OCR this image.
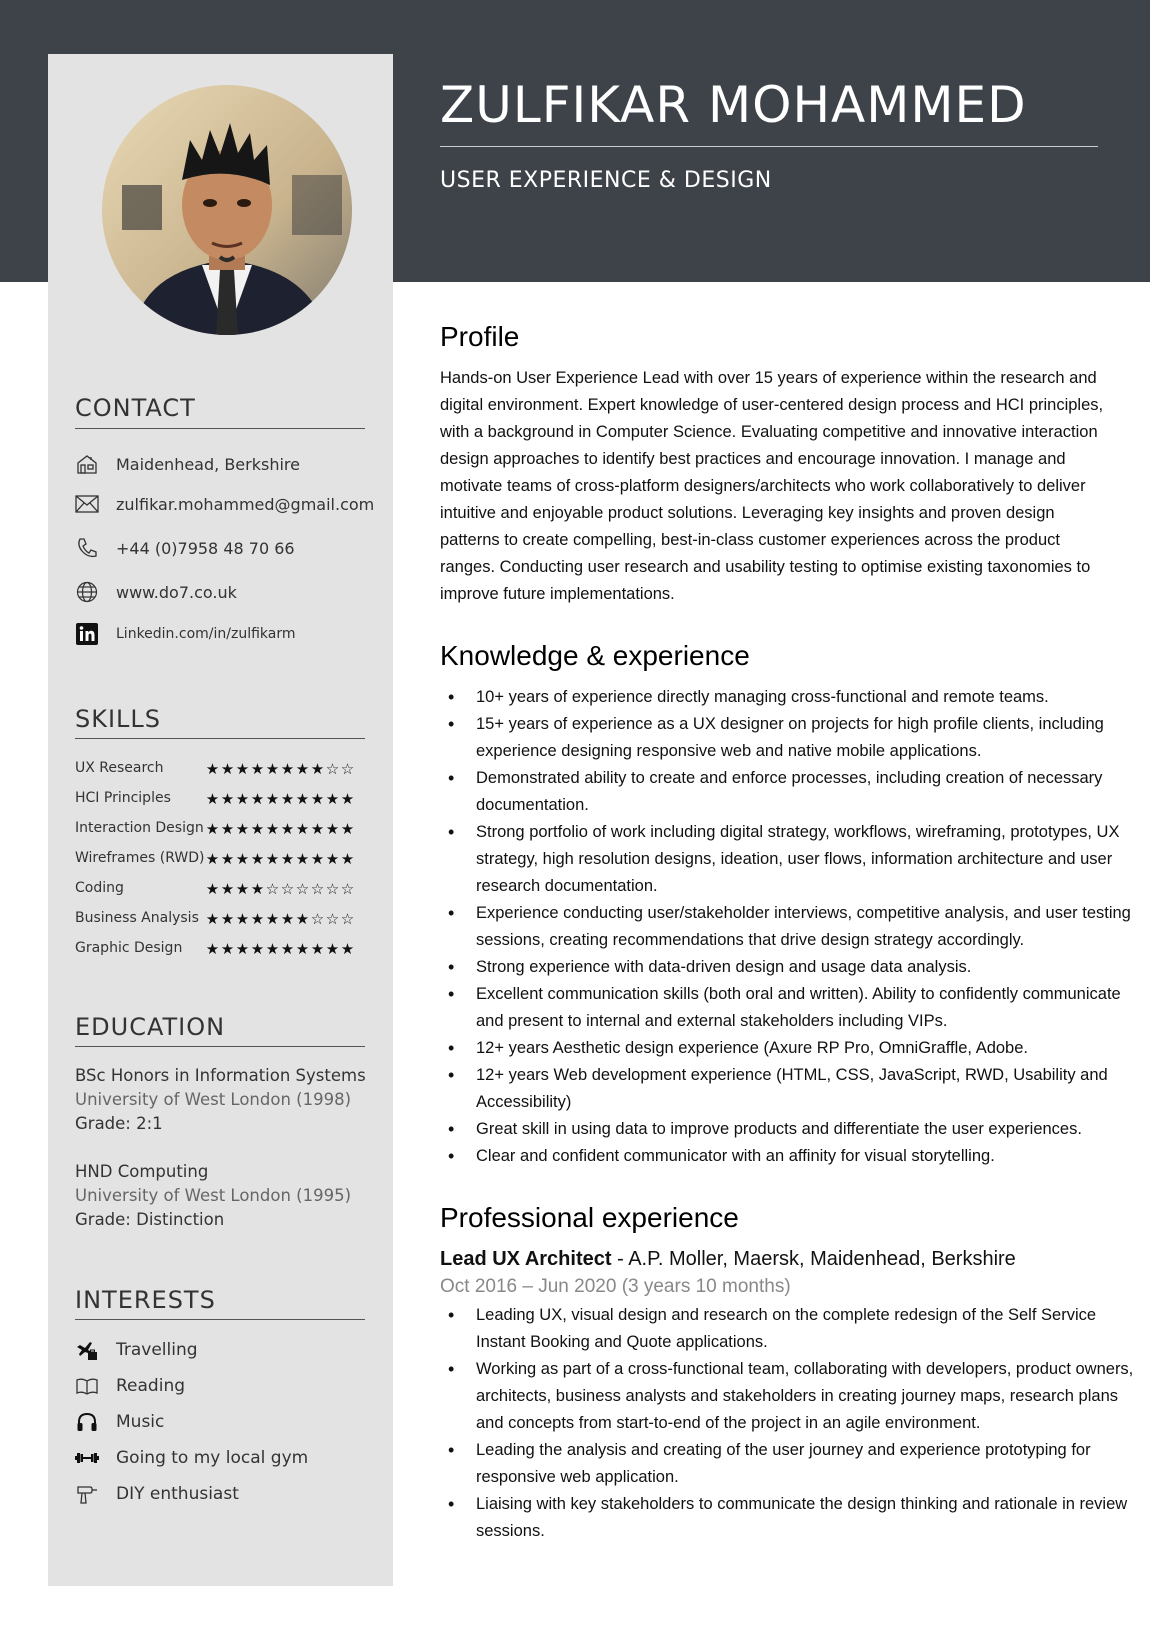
ZULFIKAR MOHAMMED
USER EXPERIENCE & DESIGN
CONTACT
Maidenhead, Berkshire
zulfikar.mohammed@gmail.com
+44 (0)7958 48 70 66
www.do7.co.uk
Linkedin.com/in/zulfikarm
SKILLS
UX Research	★ ★ ★ ★ ★ ★ ★ ★ ☆ ☆
HCI Principles ★ ★ ★ ★ ★ ★ ★ ★ ★ ★
Interaction Design ★ ★ ★ ★ ★ ★ ★ ★ ★ ★
Wireframes (RWD) ★ ★ ★ ★ ★ ★ ★ ★ ★ ★
Coding	★ ★ ★ ★ ☆ ☆ ☆ ☆ ☆ ☆
Business Analysis ★ ★ ★ ★ ★ ★ ★ ☆ ☆ ☆
Graphic Design ★ ★ ★ ★ ★ ★ ★ ★ ★ ★
EDUCATION
BSc Honors in Information Systems
University of West London (1998)
Grade: 2:1
HND Computing
University of West London (1995)
Grade: Distinction
INTERESTS
Travelling
Reading
Music
Going to my local gym
DIY enthusiast
Profile

Hands-on User Experience Lead with over 15 years of experience within the research and digital environment. Expert knowledge of user-centered design process and HCI principles, with a background in Computer Science. Evaluating competitive and innovative interaction design approaches to identify best practices and encourage innovation. I manage and motivate teams of cross-platform designers/architects who work collaboratively to deliver intuitive and enjoyable product solutions. Leveraging key insights and proven design patterns to create compelling, best-in-class customer experiences across the product ranges. Conducting user research and usability testing to optimise existing taxonomies to improve future implementations.

Knowledge & experience
• 10+ years of experience directly managing cross-functional and remote teams.
• 15+ years of experience as a UX designer on projects for high profile clients, including experience designing responsive web and native mobile applications.
• Demonstrated ability to create and enforce processes, including creation of necessary documentation.
• Strong portfolio of work including digital strategy, workflows, wireframing, prototypes, UX strategy, high resolution designs, ideation, user flows, information architecture and user research documentation.
• Experience conducting user/stakeholder interviews, competitive analysis, and user testing sessions, creating recommendations that drive design strategy accordingly.
• Strong experience with data-driven design and usage data analysis.
• Excellent communication skills (both oral and written). Ability to confidently communicate and present to internal and external stakeholders including VIPs.
• 12+ years Aesthetic design experience (Axure RP Pro, OmniGraffle, Adobe.
• 12+ years Web development experience (HTML, CSS, JavaScript, RWD, Usability and Accessibility)
• Great skill in using data to improve products and differentiate the user experiences.
• Clear and confident communicator with an affinity for visual storytelling.
Professional experience
Lead UX Architect - A.P. Moller, Maersk, Maidenhead, Berkshire
Oct 2016 – Jun 2020 (3 years 10 months)
• Leading UX, visual design and research on the complete redesign of the Self Service Instant Booking and Quote applications.
• Working as part of a cross-functional team, collaborating with developers, product owners, architects, business analysts and stakeholders in creating journey maps, research plans and concepts from start-to-end of the project in an agile environment.
• Leading the analysis and creating of the user journey and experience prototyping for responsive web application.
• Liaising with key stakeholders to communicate the design thinking and rationale in review sessions.
